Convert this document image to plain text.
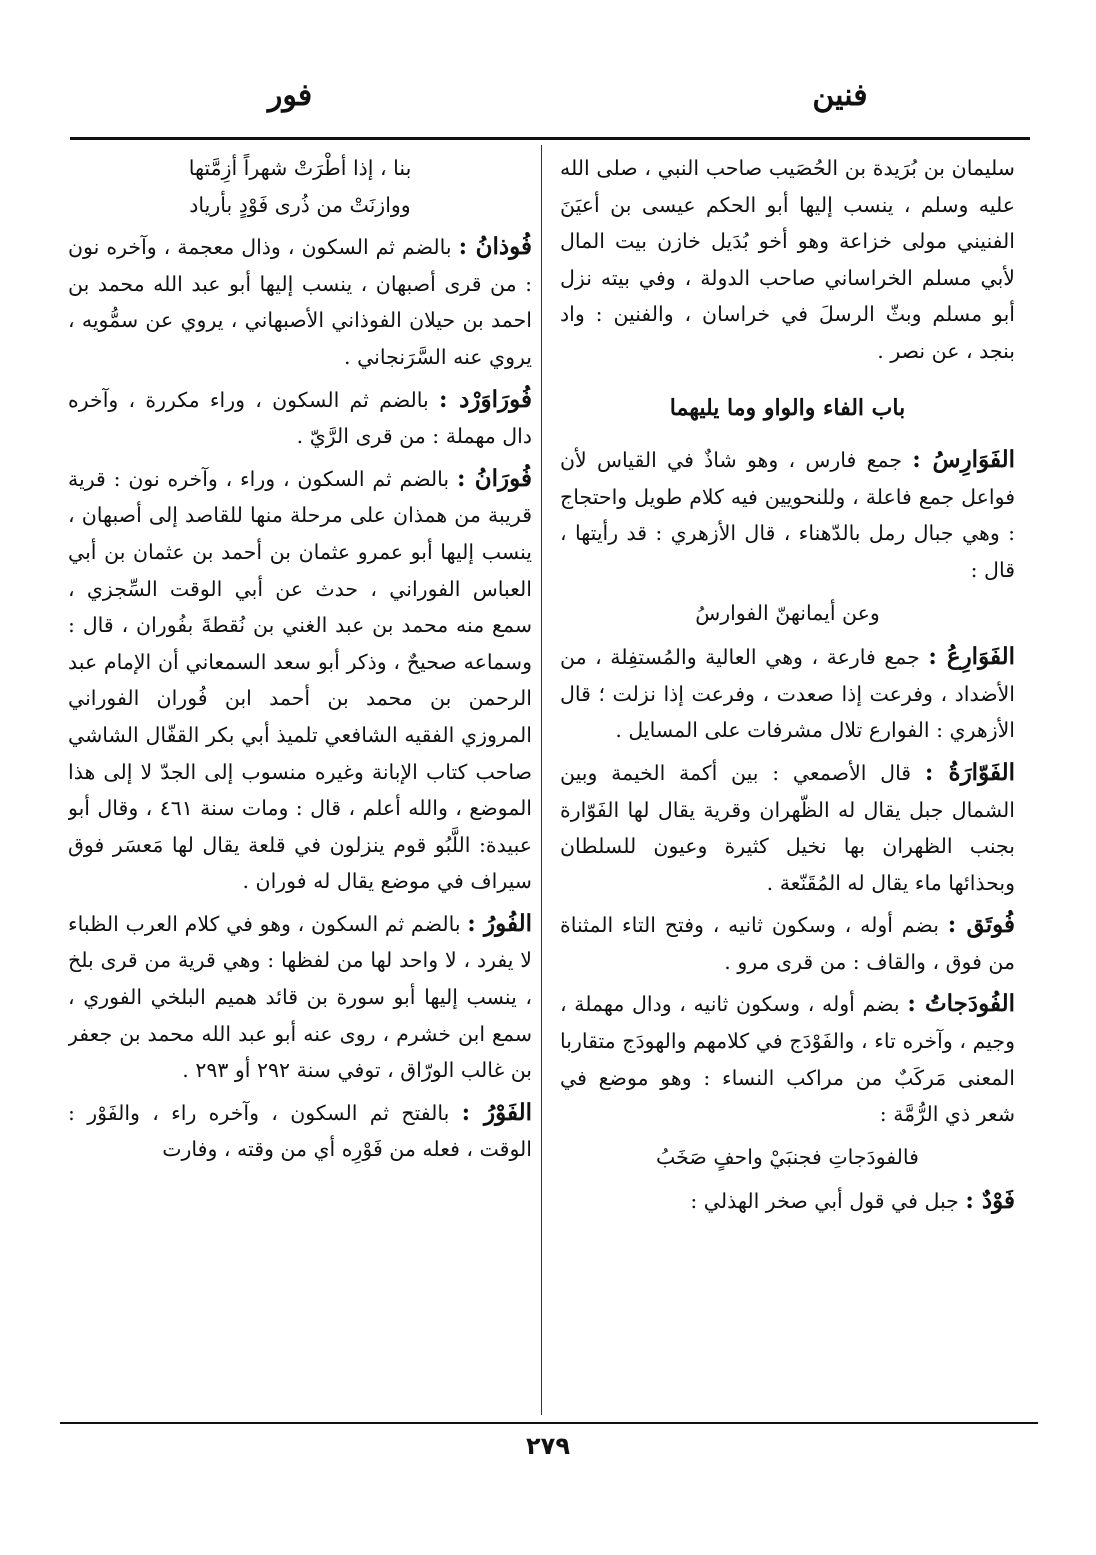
فنين
فور

سليمان بن بُرَيدة بن الحُصَيب صاحب النبي ، صلى الله عليه وسلم ، ينسب إليها أبو الحكم عيسى بن أعيَنَ الفنيني مولى خزاعة وهو أخو بُدَيل خازن بيت المال لأبي مسلم الخراساني صاحب الدولة ، وفي بيته نزل أبو مسلم وبثّ الرسلَ في خراسان ، والفنين : واد بنجد ، عن نصر .

باب الفاء والواو وما يليهما

الفَوَارِسُ : جمع فارس ، وهو شاذٌ في القياس لأن فواعل جمع فاعلة ، وللنحويين فيه كلام طويل واحتجاج : وهي جبال رمل بالدّهناء ، قال الأزهري : قد رأيتها ، قال :

وعن أيمانهنّ الفوارسُ

الفَوَارِعُ : جمع فارعة ، وهي العالية والمُستفِلة ، من الأضداد ، وفرعت إذا صعدت ، وفرعت إذا نزلت ؛ قال الأزهري : الفوارع تلال مشرفات على المسايل .

الفَوّارَةُ : قال الأصمعي : بين أكمة الخيمة وبين الشمال جبل يقال له الظّهران وقرية يقال لها الفَوّارة بجنب الظهران بها نخيل كثيرة وعيون للسلطان وبحذائها ماء يقال له المُقَنّعة .

فُوتَق : بضم أوله ، وسكون ثانيه ، وفتح التاء المثناة من فوق ، والقاف : من قرى مرو .

الفُودَجاتُ : بضم أوله ، وسكون ثانيه ، ودال مهملة ، وجيم ، وآخره تاء ، والفَوْدَج في كلامهم والهودَج متقاربا المعنى مَركَبٌ من مراكب النساء : وهو موضع في شعر ذي الرُّمَّة :

فالفودَجاتِ فجنبَيْ واحفٍ صَخَبُ

فَوْدٌ : جبل في قول أبي صخر الهذلي :

بنا ، إذا أطْرَتْ شهراً أزِمَّتها
ووازنَتْ من ذُرى فَوْدٍ بأرياد

فُوذانُ : بالضم ثم السكون ، وذال معجمة ، وآخره نون : من قرى أصبهان ، ينسب إليها أبو عبد الله محمد بن احمد بن حيلان الفوذاني الأصبهاني ، يروي عن سمُّويه ، يروي عنه السَّرَنجاني .

فُورَاوَرْد : بالضم ثم السكون ، وراء مكررة ، وآخره دال مهملة : من قرى الرَّيّ .

فُورَانُ : بالضم ثم السكون ، وراء ، وآخره نون : قرية قريبة من همذان على مرحلة منها للقاصد إلى أصبهان ، ينسب إليها أبو عمرو عثمان بن أحمد بن عثمان بن أبي العباس الفوراني ، حدث عن أبي الوقت السِّجزي ، سمع منه محمد بن عبد الغني بن نُقطةَ بفُوران ، قال : وسماعه صحيحٌ ، وذكر أبو سعد السمعاني أن الإمام عبد الرحمن بن محمد بن أحمد ابن فُوران الفوراني المروزي الفقيه الشافعي تلميذ أبي بكر القفّال الشاشي صاحب كتاب الإبانة وغيره منسوب إلى الجدّ لا إلى هذا الموضع ، والله أعلم ، قال : ومات سنة ٤٦١ ، وقال أبو عبيدة: اللَّبُو قوم ينزلون في قلعة يقال لها مَعسَر فوق سيراف في موضع يقال له فوران .

الفُورُ : بالضم ثم السكون ، وهو في كلام العرب الظباء لا يفرد ، لا واحد لها من لفظها : وهي قرية من قرى بلخ ، ينسب إليها أبو سورة بن قائد هميم البلخي الفوري ، سمع ابن خشرم ، روى عنه أبو عبد الله محمد بن جعفر بن غالب الورّاق ، توفي سنة ٢٩٢ أو ٢٩٣ .

الفَوْرُ : بالفتح ثم السكون ، وآخره راء ، والفَوْر : الوقت ، فعله من فَوْرِه أي من وقته ، وفارت

٢٧٩
